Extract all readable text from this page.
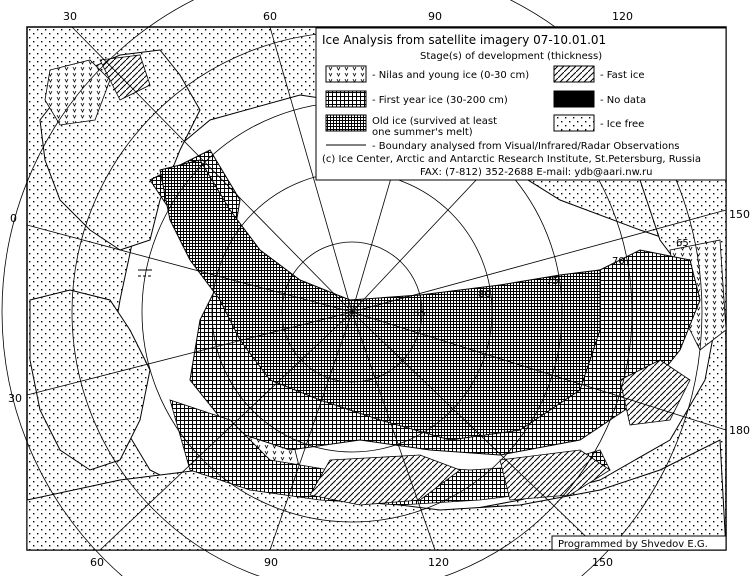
85
80
75
70
65
30	60	90	120
0
30
150
180
60	90	120	150
Ice Analysis from satellite imagery 07-10.01.01
Stage(s) of development (thickness)
- Nilas and young ice (0-30 cm)	- Fast ice
- First year ice (30-200 cm)	- No data
Old ice (survived at least
one summer's melt)
- Ice free
- Boundary analysed from Visual/Infrared/Radar Observations
(c) Ice Center, Arctic and Antarctic Research Institute, St.Petersburg, Russia
FAX: (7-812) 352-2688 E-mail: ydb@aari.nw.ru
Programmed by Shvedov E.G.
